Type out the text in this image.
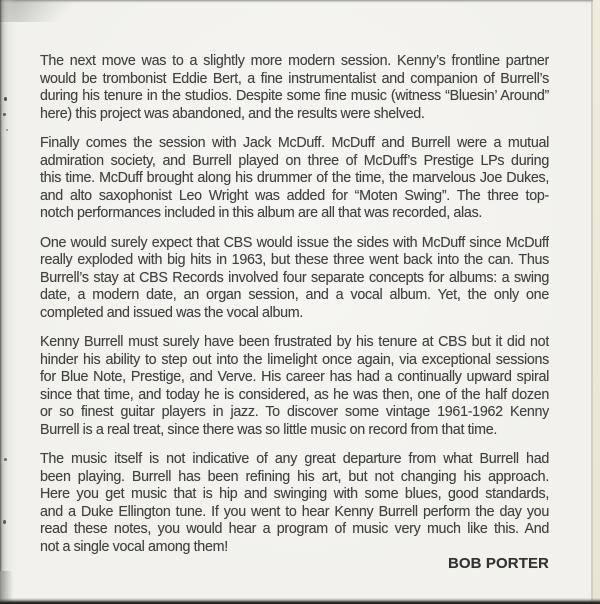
The next move was to a slightly more modern session. Kenny’s frontline partner
would be trombonist Eddie Bert, a fine instrumentalist and companion of Burrell’s
during his tenure in the studios. Despite some fine music (witness “Bluesin’ Around”
here) this project was abandoned, and the results were shelved.
Finally comes the session with Jack McDuff. McDuff and Burrell were a mutual
admiration society, and Burrell played on three of McDuff’s Prestige LPs during
this time. McDuff brought along his drummer of the time, the marvelous Joe Dukes,
and alto saxophonist Leo Wright was added for “Moten Swing”. The three top-
notch performances included in this album are all that was recorded, alas.
One would surely expect that CBS would issue the sides with McDuff since McDuff
really exploded with big hits in 1963, but these three went back into the can. Thus
Burrell’s stay at CBS Records involved four separate concepts for albums: a swing
date, a modern date, an organ session, and a vocal album. Yet, the only one
completed and issued was the vocal album.
Kenny Burrell must surely have been frustrated by his tenure at CBS but it did not
hinder his ability to step out into the limelight once again, via exceptional sessions
for Blue Note, Prestige, and Verve. His career has had a continually upward spiral
since that time, and today he is considered, as he was then, one of the half dozen
or so finest guitar players in jazz. To discover some vintage 1961-1962 Kenny
Burrell is a real treat, since there was so little music on record from that time.
The music itself is not indicative of any great departure from what Burrell had
been playing. Burrell has been refining his art, but not changing his approach.
Here you get music that is hip and swinging with some blues, good standards,
and a Duke Ellington tune. If you went to hear Kenny Burrell perform the day you
read these notes, you would hear a program of music very much like this. And
not a single vocal among them!
BOB PORTER
